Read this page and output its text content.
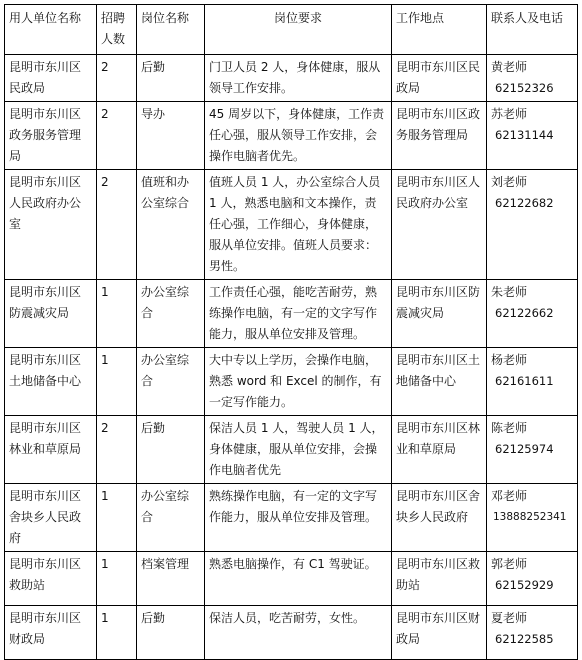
用人单位名称	招聘人数	岗位名称	岗位要求	工作地点	联系人及电话
昆明市东川区民政局	2	后勤	门卫人员 2 人，身体健康，服从领导工作安排。	昆明市东川区民政局	黄老师
62152326

昆明市东川区政务服务管理局	2	导办	45 周岁以下，身体健康，工作责任心强，服从领导工作安排，会操作电脑者优先。	昆明市东川区政务服务管理局	苏老师
62131144

昆明市东川区人民政府办公室	2	值班和办公室综合	值班人员 1 人，办公室综合人员 1 人，熟悉电脑和文本操作，责任心强，工作细心，身体健康，服从单位安排。值班人员要求：男性。	昆明市东川区人民政府办公室	刘老师
62122682

昆明市东川区防震减灾局	1	办公室综合	工作责任心强，能吃苦耐劳，熟练操作电脑，有一定的文字写作能力，服从单位安排及管理。	昆明市东川区防震减灾局	朱老师
62122662

昆明市东川区土地储备中心	1	办公室综合	大中专以上学历，会操作电脑，熟悉 word 和 Excel 的制作，有一定写作能力。	昆明市东川区土地储备中心	杨老师
62161611

昆明市东川区林业和草原局	2	后勤	保洁人员 1 人，驾驶人员 1 人，身体健康，服从单位安排，会操作电脑者优先	昆明市东川区林业和草原局	陈老师
62125974

昆明市东川区舍块乡人民政府	1	办公室综合	熟练操作电脑，有一定的文字写作能力，服从单位安排及管理。	昆明市东川区舍块乡人民政府	邓老师
13888252341

昆明市东川区救助站	1	档案管理	熟悉电脑操作，有 C1 驾驶证。	昆明市东川区救助站	郭老师
62152929

昆明市东川区财政局	1	后勤	保洁人员，吃苦耐劳，女性。	昆明市东川区财政局	夏老师
62122585
